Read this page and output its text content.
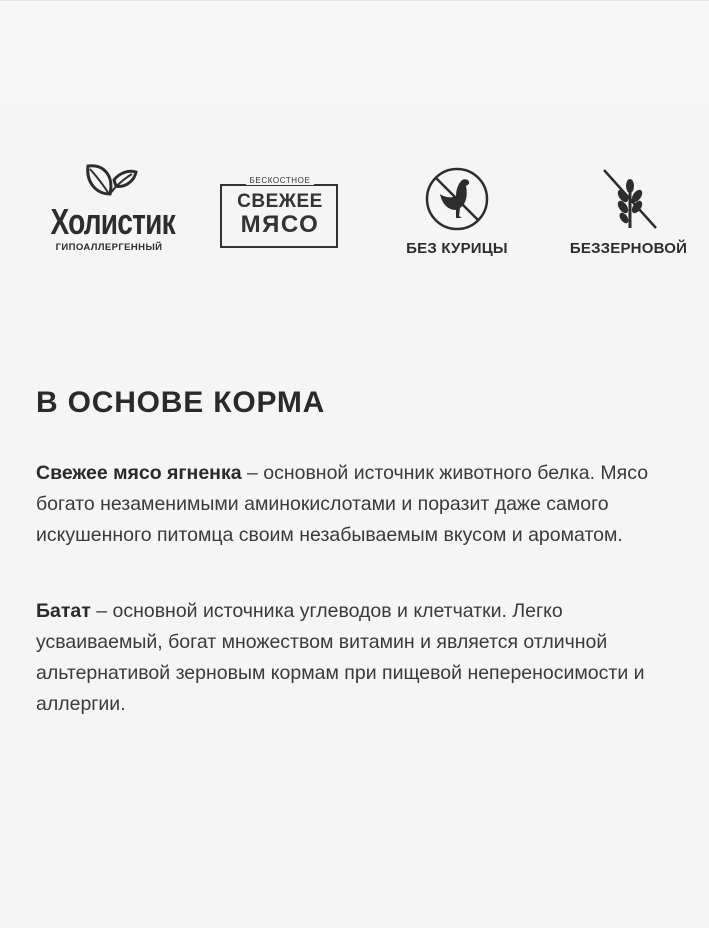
Холистик
ГИПОАЛЛЕРГЕННЫЙ
БЕСКОСТНОЕ
СВЕЖЕЕ
МЯСО
БЕЗ КУРИЦЫ	БЕЗЗЕРНОВОЙ
В ОСНОВЕ КОРМА

Свежее мясо ягненка – основной источник животного белка. Мясо богато незаменимыми аминокислотами и поразит даже самого искушенного питомца своим незабываемым вкусом и ароматом.

Батат – основной источника углеводов и клетчатки. Легко усваиваемый, богат множеством витамин и является отличной альтернативой зерновым кормам при пищевой непереносимости и аллергии.
